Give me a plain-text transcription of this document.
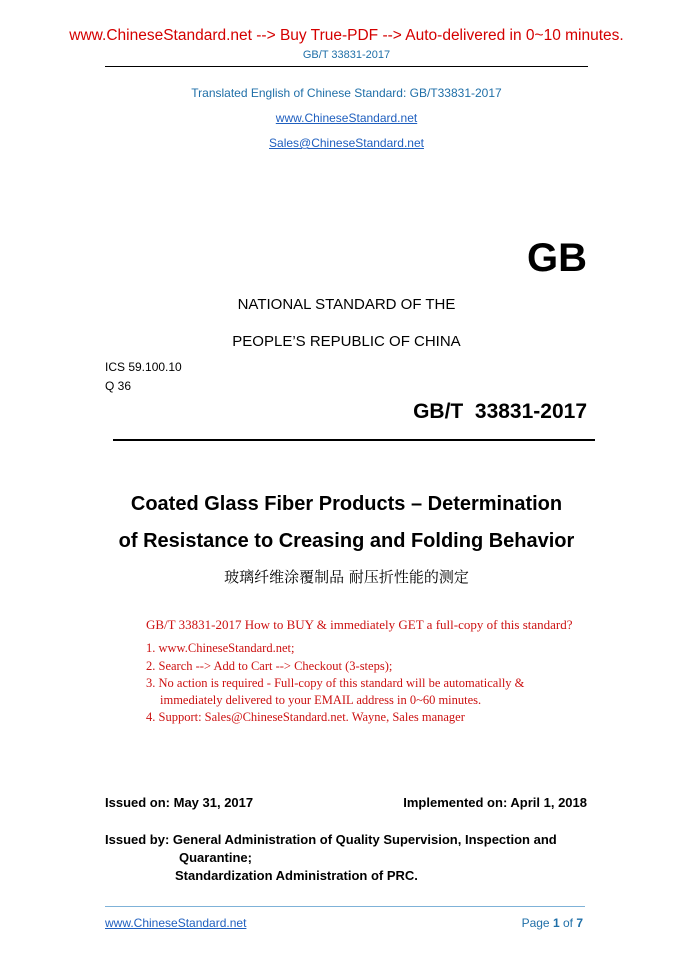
www.ChineseStandard.net --> Buy True-PDF --> Auto-delivered in 0~10 minutes.
GB/T 33831-2017
Translated English of Chinese Standard: GB/T33831-2017
www.ChineseStandard.net
Sales@ChineseStandard.net
GB
NATIONAL STANDARD OF THE
PEOPLE’S REPUBLIC OF CHINA
ICS 59.100.10
Q 36
GB/T  33831-2017
Coated Glass Fiber Products – Determination
of Resistance to Creasing and Folding Behavior
玻璃纤维涂覆制品 耐压折性能的测定
GB/T 33831-2017 How to BUY & immediately GET a full-copy of this standard?
1. www.ChineseStandard.net;
2. Search --> Add to Cart --> Checkout (3-steps);
3. No action is required - Full-copy of this standard will be automatically &
immediately delivered to your EMAIL address in 0~60 minutes.
4. Support: Sales@ChineseStandard.net. Wayne, Sales manager
Issued on: May 31, 2017	Implemented on: April 1, 2018
Issued by: General Administration of Quality Supervision, Inspection and
Quarantine;
Standardization Administration of PRC.
www.ChineseStandard.net	Page 1 of 7
